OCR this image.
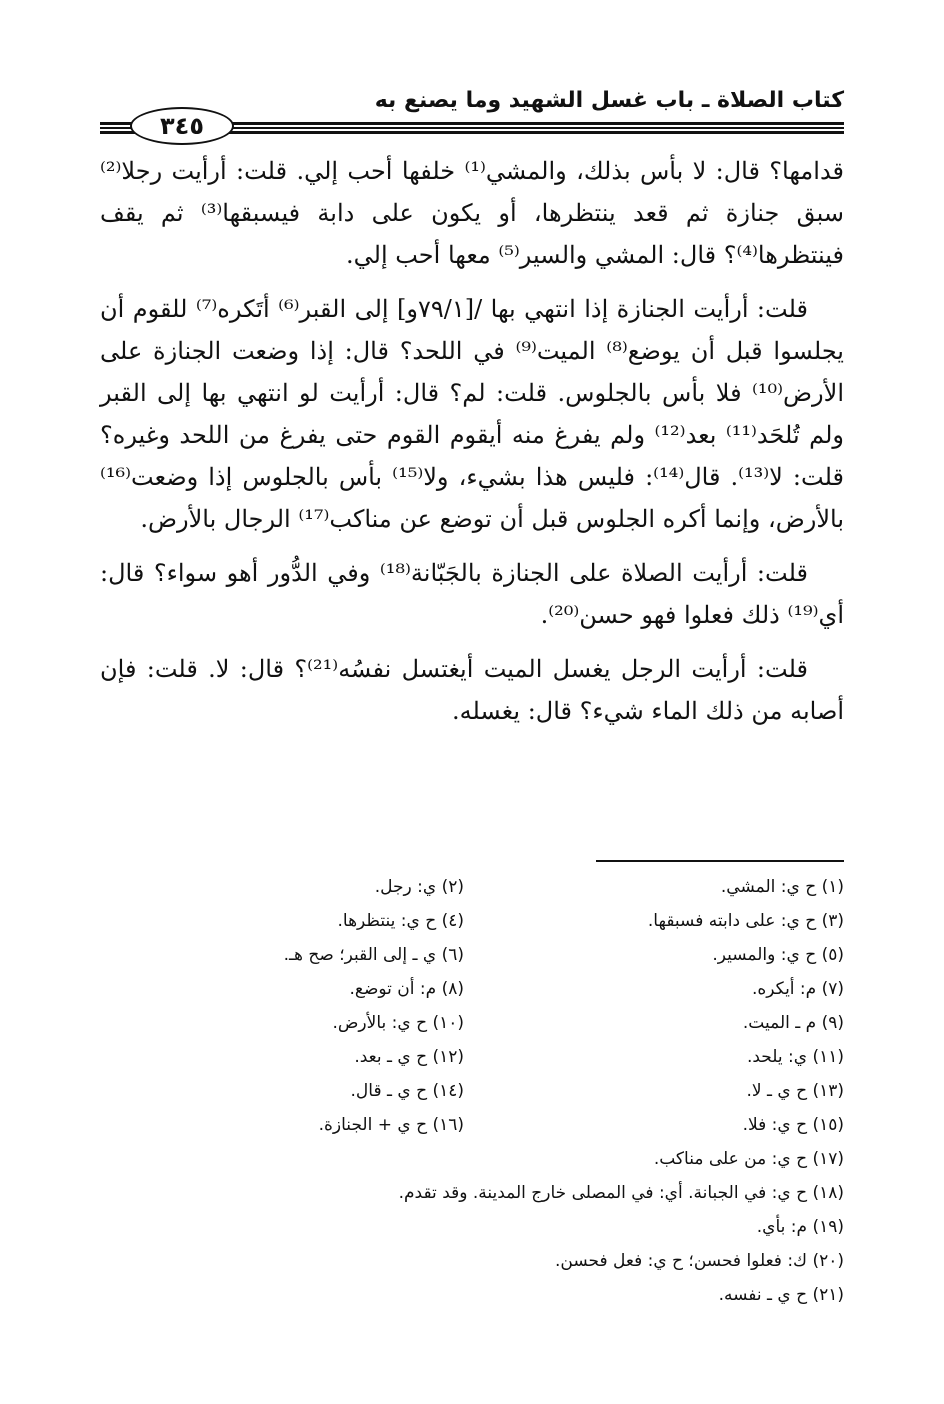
كتاب الصلاة ـ باب غسل الشهيد وما يصنع به
٣٤٥

قدامها؟ قال: لا بأس بذلك، والمشي⁽¹⁾ خلفها أحب إلي. قلت: أرأيت رجلا⁽²⁾ سبق جنازة ثم قعد ينتظرها، أو يكون على دابة فيسبقها⁽³⁾ ثم يقف فينتظرها⁽⁴⁾؟ قال: المشي والسير⁽⁵⁾ معها أحب إلي.

قلت: أرأيت الجنازة إذا انتهي بها /[٧٩/١و] إلى القبر⁽⁶⁾ أتَكره⁽⁷⁾ للقوم أن يجلسوا قبل أن يوضع⁽⁸⁾ الميت⁽⁹⁾ في اللحد؟ قال: إذا وضعت الجنازة على الأرض⁽¹⁰⁾ فلا بأس بالجلوس. قلت: لم؟ قال: أرأيت لو انتهي بها إلى القبر ولم تُلحَد⁽¹¹⁾ بعد⁽¹²⁾ ولم يفرغ منه أيقوم القوم حتى يفرغ من اللحد وغيره؟ قلت: لا⁽¹³⁾. قال⁽¹⁴⁾: فليس هذا بشيء، ولا⁽¹⁵⁾ بأس بالجلوس إذا وضعت⁽¹⁶⁾ بالأرض، وإنما أكره الجلوس قبل أن توضع عن مناكب⁽¹⁷⁾ الرجال بالأرض.

قلت: أرأيت الصلاة على الجنازة بالجَبّانة⁽¹⁸⁾ وفي الدُّور أهو سواء؟ قال: أي⁽¹⁹⁾ ذلك فعلوا فهو حسن⁽²⁰⁾.

قلت: أرأيت الرجل يغسل الميت أيغتسل نفسُه⁽²¹⁾؟ قال: لا. قلت: فإن أصابه من ذلك الماء شيء؟ قال: يغسله.

(١) ح ي: المشي.
(٢) ي: رجل.
(٣) ح ي: على دابته فسبقها.
(٤) ح ي: ينتظرها.
(٥) ح ي: والمسير.
(٦) ي ـ إلى القبر؛ صح هـ.
(٧) م: أيكره.
(٨) م: أن توضع.
(٩) م ـ الميت.
(١٠) ح ي: بالأرض.
(١١) ي: يلحد.
(١٢) ح ي ـ بعد.
(١٣) ح ي ـ لا.
(١٤) ح ي ـ قال.
(١٥) ح ي: فلا.
(١٦) ح ي + الجنازة.
(١٧) ح ي: من على مناكب.
(١٨) ح ي: في الجبانة. أي: في المصلى خارج المدينة. وقد تقدم.
(١٩) م: بأي.
(٢٠) ك: فعلوا فحسن؛ ح ي: فعل فحسن.
(٢١) ح ي ـ نفسه.
